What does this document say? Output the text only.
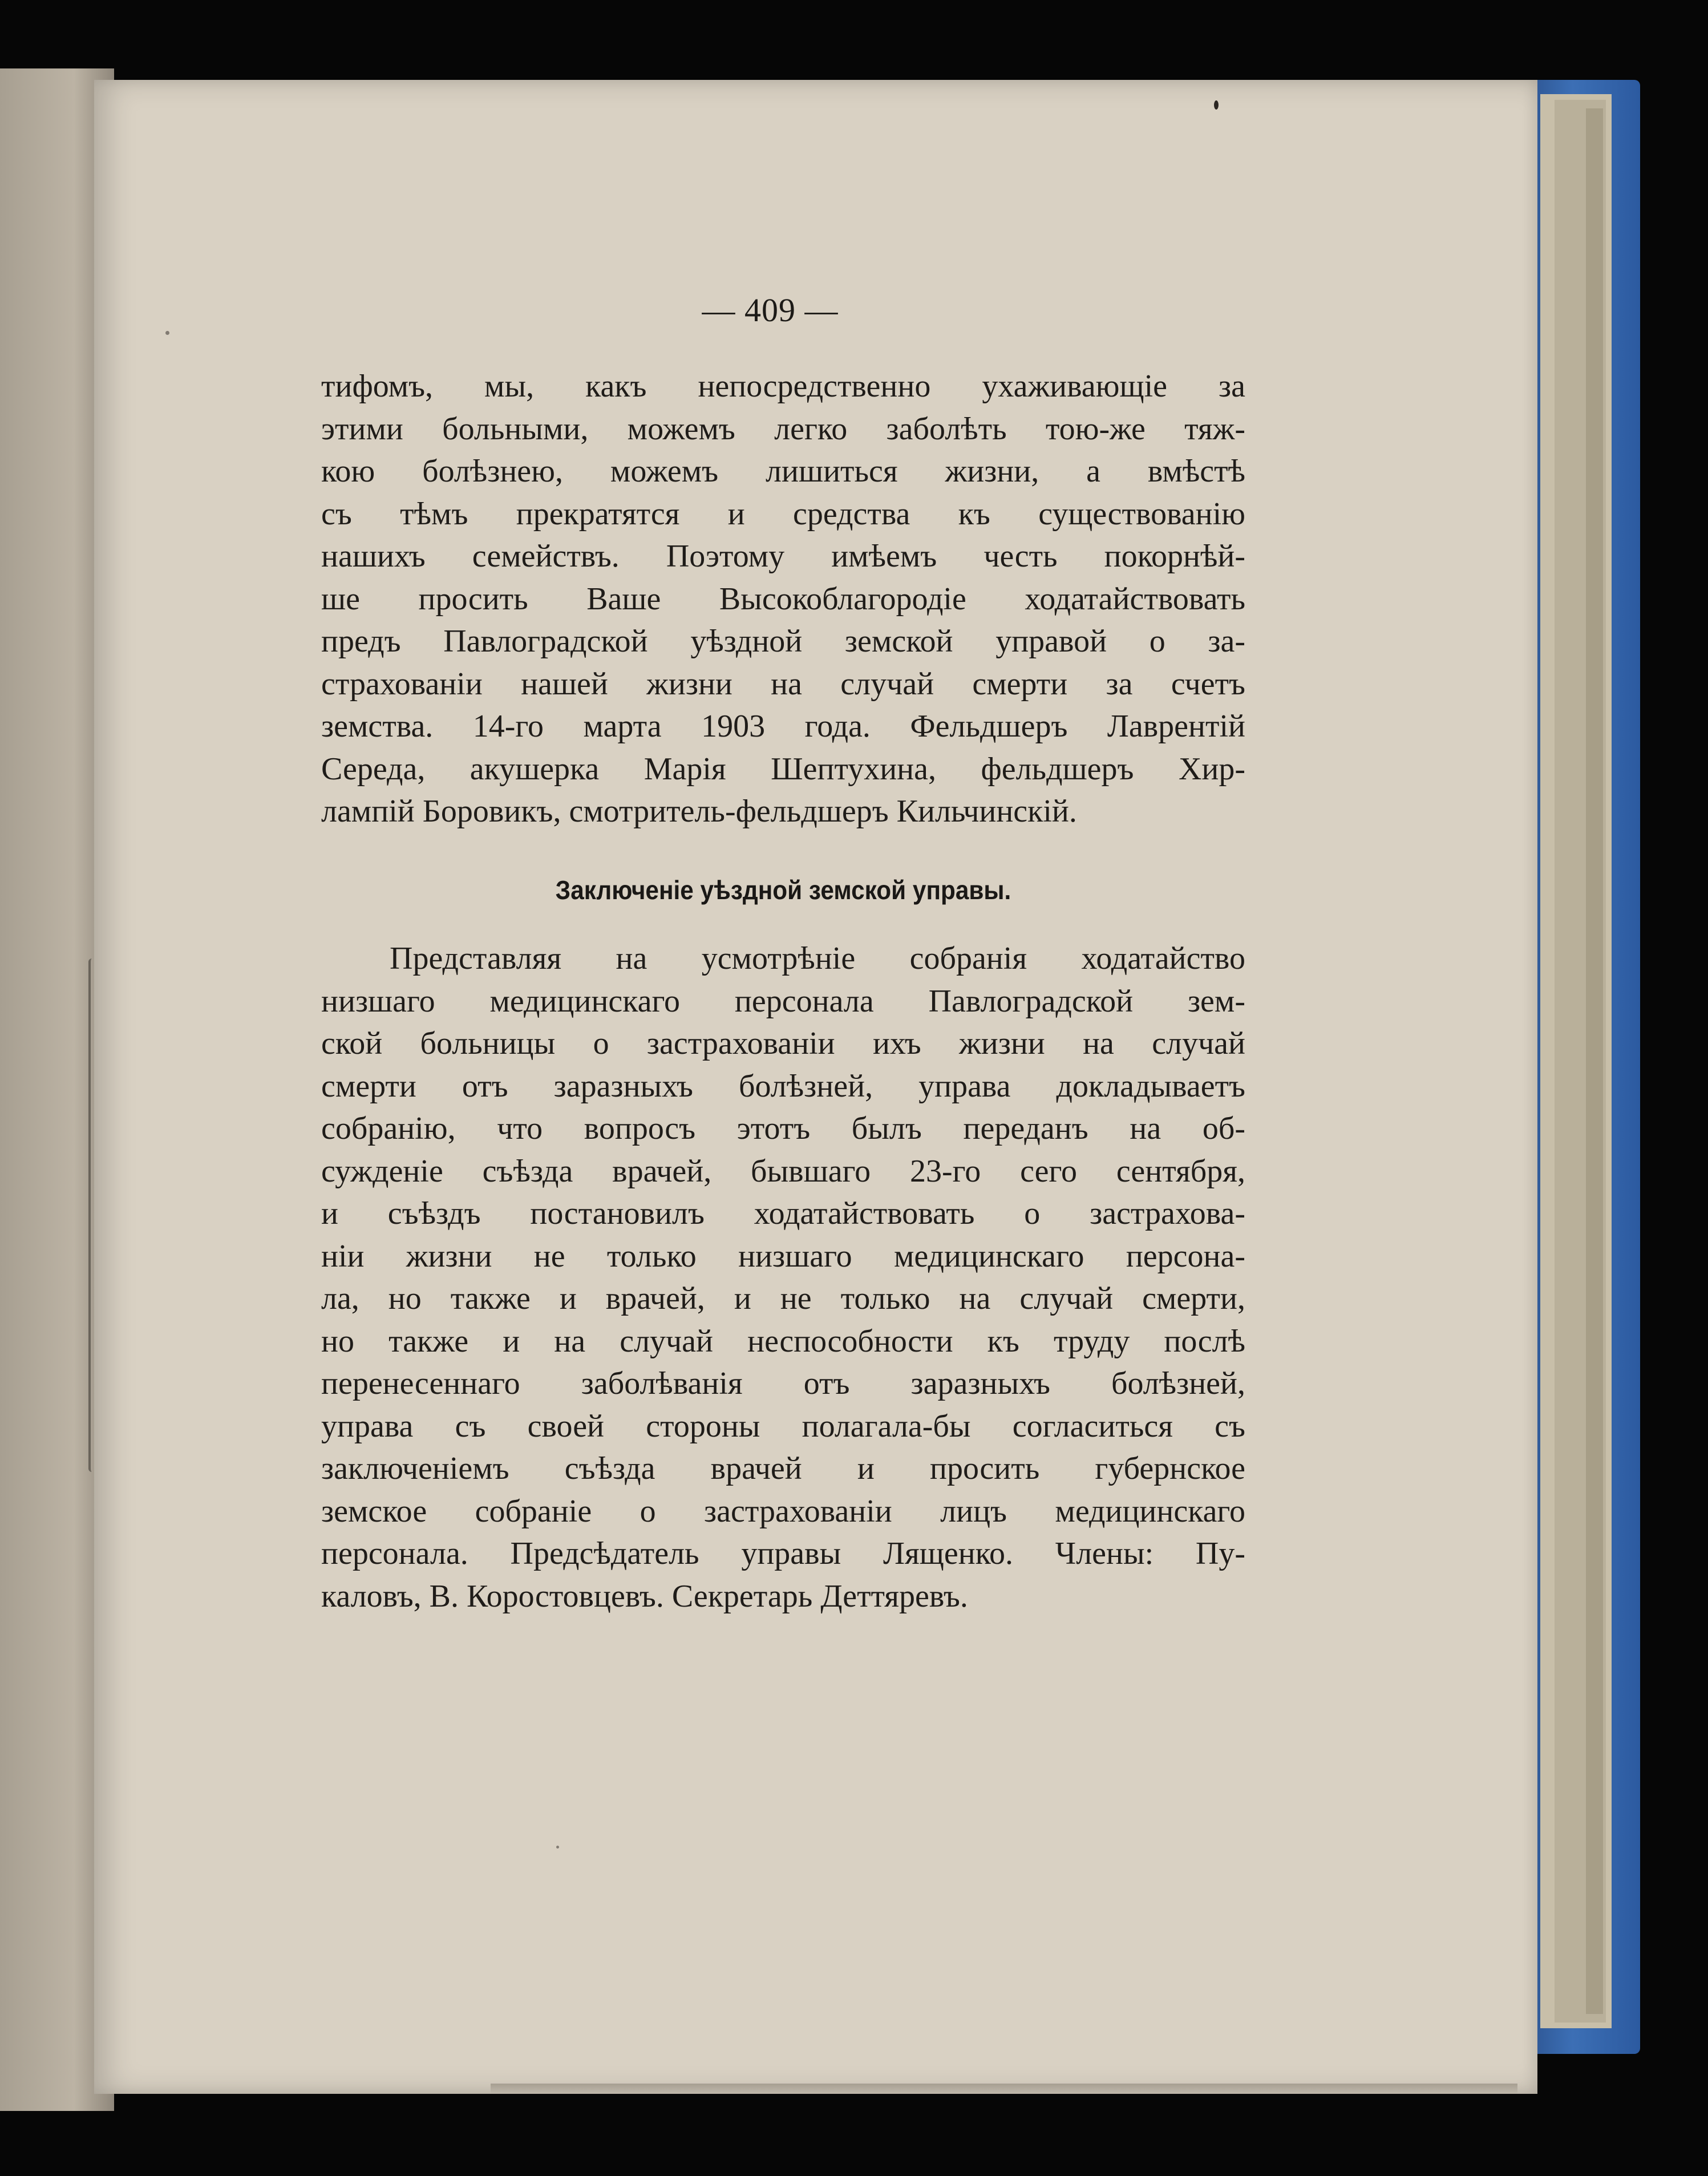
— 409 —
тифомъ, мы, какъ непосредственно ухаживающіе за
этими больными, можемъ легко заболѣть тою-же тяж-
кою болѣзнею, можемъ лишиться жизни, а вмѣстѣ
съ тѣмъ прекратятся и средства къ существованію
нашихъ семействъ. Поэтому имѣемъ честь покорнѣй-
ше просить Ваше Высокоблагородіе ходатайствовать
предъ Павлоградской уѣздной земской управой о за-
страхованіи нашей жизни на случай смерти за счетъ
земства. 14-го марта 1903 года. Фельдшеръ Лаврентій
Середа, акушерка Марія Шептухина, фельдшеръ Хир-
лампій Боровикъ, смотритель-фельдшеръ Кильчинскій.
Заключеніе уѣздной земской управы.
Представляя на усмотрѣніе собранія ходатайство
низшаго медицинскаго персонала Павлоградской зем-
ской больницы о застрахованіи ихъ жизни на случай
смерти отъ заразныхъ болѣзней, управа докладываетъ
собранію, что вопросъ этотъ былъ переданъ на об-
сужденіе съѣзда врачей, бывшаго 23-го сего сентября,
и съѣздъ постановилъ ходатайствовать о застрахова-
ніи жизни не только низшаго медицинскаго персона-
ла, но также и врачей, и не только на случай смерти,
но также и на случай неспособности къ труду послѣ
перенесеннаго заболѣванія отъ заразныхъ болѣзней,
управа съ своей стороны полагала-бы согласиться съ
заключеніемъ съѣзда врачей и просить губернское
земское собраніе о застрахованіи лицъ медицинскаго
персонала. Предсѣдатель управы Лященко. Члены: Пу-
каловъ, В. Коростовцевъ. Секретарь Деттяревъ.
